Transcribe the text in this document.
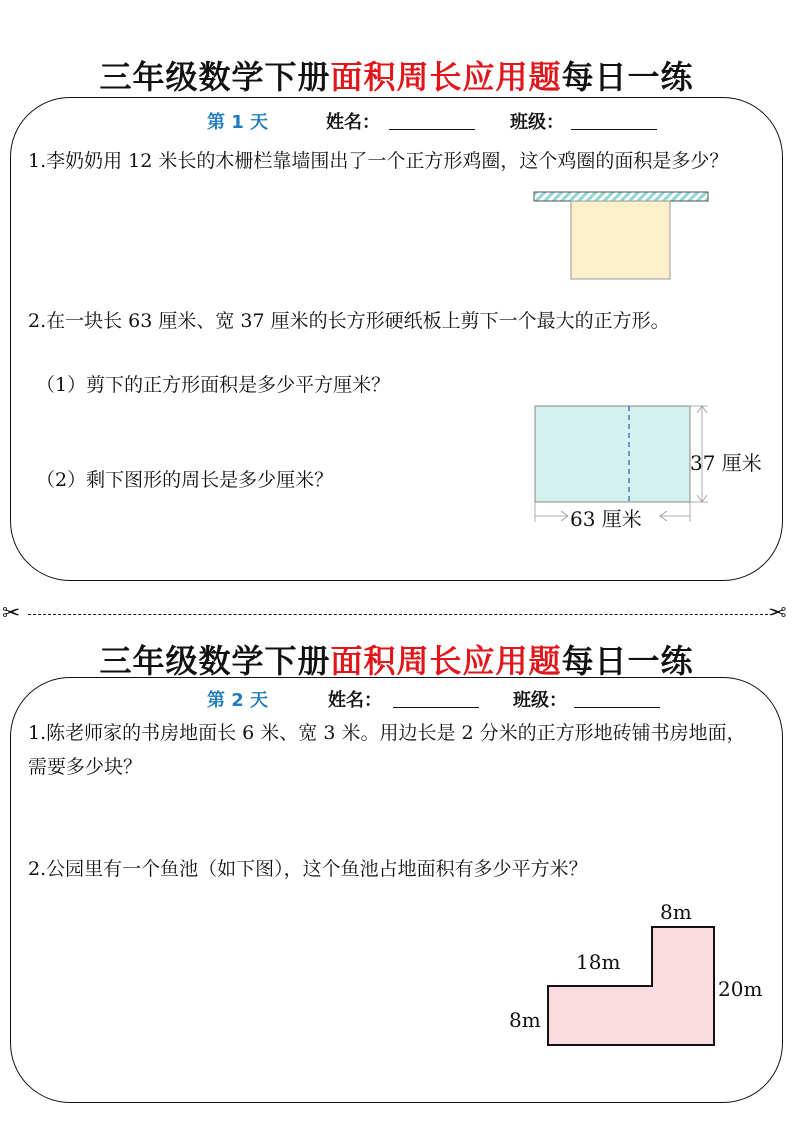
三年级数学下册面积周长应用题每日一练
第 1 天	姓名：	班级：
1.李奶奶用 12 米长的木栅栏靠墙围出了一个正方形鸡圈，这个鸡圈的面积是多少？
2.在一块长 63 厘米、宽 37 厘米的长方形硬纸板上剪下一个最大的正方形。
（1）剪下的正方形面积是多少平方厘米？
（2）剩下图形的周长是多少厘米？
37 厘米
63 厘米
✂	✂
三年级数学下册面积周长应用题每日一练
第 2 天	姓名：	班级：
1.陈老师家的书房地面长 6 米、宽 3 米。用边长是 2 分米的正方形地砖铺书房地面，需要多少块？
2.公园里有一个鱼池（如下图），这个鱼池占地面积有多少平方米？
8m
18m
20m
8m
